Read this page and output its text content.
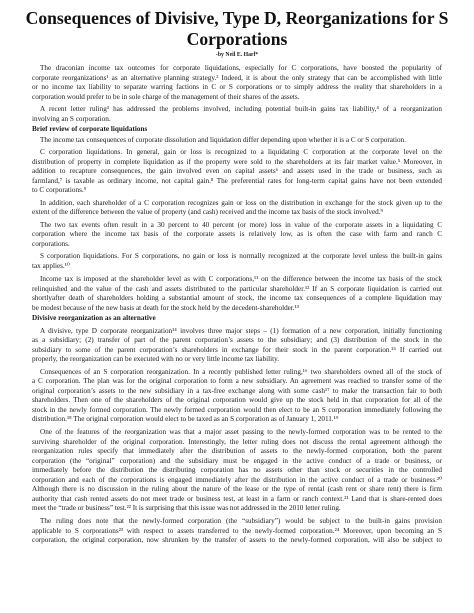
Consequences of Divisive, Type D, Reorganizations for S Corporations
-by Neil E. Harl*
The draconian income tax outcomes for corporate liquidations, especially for C corporations, have boosted the popularity of
corporate reorganizations¹ as an alternative planning strategy.² Indeed, it is about the only strategy that can be accomplished with little
or no income tax liability to separate warring factions in C or S corporations or to simply address the reality that shareholders in a
corporation would prefer to be in sole charge of the management of their shares of the assets.
A recent letter ruling³ has addressed the problems involved, including potential built-in gains tax liability,⁴ of a reorganization
involving an S corporation.
Brief review of corporate liquidations
The income tax consequences of corporate dissolution and liquidation differ depending upon whether it is a C or S corporation.
C corporation liquidations. In general, gain or loss is recognized to a liquidating C corporation at the corporate level on the
distribution of property in complete liquidation as if the property were sold to the shareholders at its fair market value.⁵ Moreover, in
addition to recapture consequences, the gain involved even on capital assets⁶ and assets used in the trade or business, such as
farmland,⁷ is taxable as ordinary income, not capital gain.⁸ The preferential rates for long-term capital gains have not been extended
to C corporations.⁹
In addition, each shareholder of a C corporation recognizes gain or loss on the distribution in exchange for the stock given up to the
extent of the difference between the value of property (and cash) received and the income tax basis of the stock involved.⁹
The two tax events often result in a 30 percent to 40 percent (or more) loss in value of the corporate assets in a liquidating C
corporation where the income tax basis of the corporate assets is relatively low, as is often the case with farm and ranch C
corporations.
S corporation liquidations. For S corporations, no gain or loss is normally recognized at the corporate level unless the built-in gains
tax applies.¹⁰
Income tax is imposed at the shareholder level as with C corporations,¹¹ on the difference between the income tax basis of the stock
relinquished and the value of the cash and assets distributed to the particular shareholder.¹² If an S corporate liquidation is carried out
shortlyafter death of shareholders holding a substantial amount of stock, the income tax consequences of a complete liquidation may
be modest because of the new basis at death for the stock held by the decedent-shareholder.¹³
Divisive reorganization as an alternative
A divisive, type D corporate reorganization¹⁴ involves three major steps – (1) formation of a new corporation, initially functioning
as a subsidiary; (2) transfer of part of the parent corporation’s assets to the subsidiary; and (3) distribution of the stock in the
subsidiary to some of the parent corporation’s shareholders in exchange for their stock in the parent corporation.¹⁵ If carried out
properly, the reorganization can be executed with no or very little income tax liability.
Consequences of an S corporation reorganization. In a recently published letter ruling,¹⁶ two shareholders owned all of the stock of
a C corporation. The plan was for the original corporation to form a new subsidiary. An agreement was reached to transfer some of the
original corporation’s assets to the new subsidiary in a tax-free exchange along with some cash¹⁷ to make the transaction fair to both
shareholders. Then one of the shareholders of the original corporation would give up the stock held in that corporation for all of the
stock in the newly formed corporation. The newly formed corporation would then elect to be an S corporation immediately following the
distribution.¹⁸ The original corporation would elect to be taxed as an S corporation as of January 1, 2011.¹⁹
One of the features of the reorganization was that a major asset passing to the newly-formed corporation was to be rented to the
surviving shareholder of the original corporation. Interestingly, the letter ruling does not discuss the rental agreement although the
reorganization rules specify that immediately after the distribution of assets to the newly-formed corporation, both the parent
corporation (the “original” corporation) and the subsidiary must be engaged in the active conduct of a trade or business, or
immediately before the distribution the distributing corporation has no assets other than stock or securities in the controlled
corporation and each of the corporations is engaged immediately after the distribution in the active conduct of a trade or business.²⁰
Although there is no discussion in the ruling about the nature of the lease or the type of rental (cash rent or share rent) there is firm
authority that cash rented assets do not meet trade or business test, at least in a farm or ranch context.²¹ Land that is share-rented does
meet the “trade or business” test.²² It is surprising that this issue was not addressed in the 2010 letter ruling.
The ruling does note that the newly-formed corporation (the “subsidiary”) would be subject to the built-in gains provision
applicable to S corporations²³ with respect to assets transferred to the newly-formed corporation.²⁴ Moreover, upon becoming an S
corporation, the original corporation, now shrunken by the transfer of assets to the newly-formed corporation, will also be subject to
